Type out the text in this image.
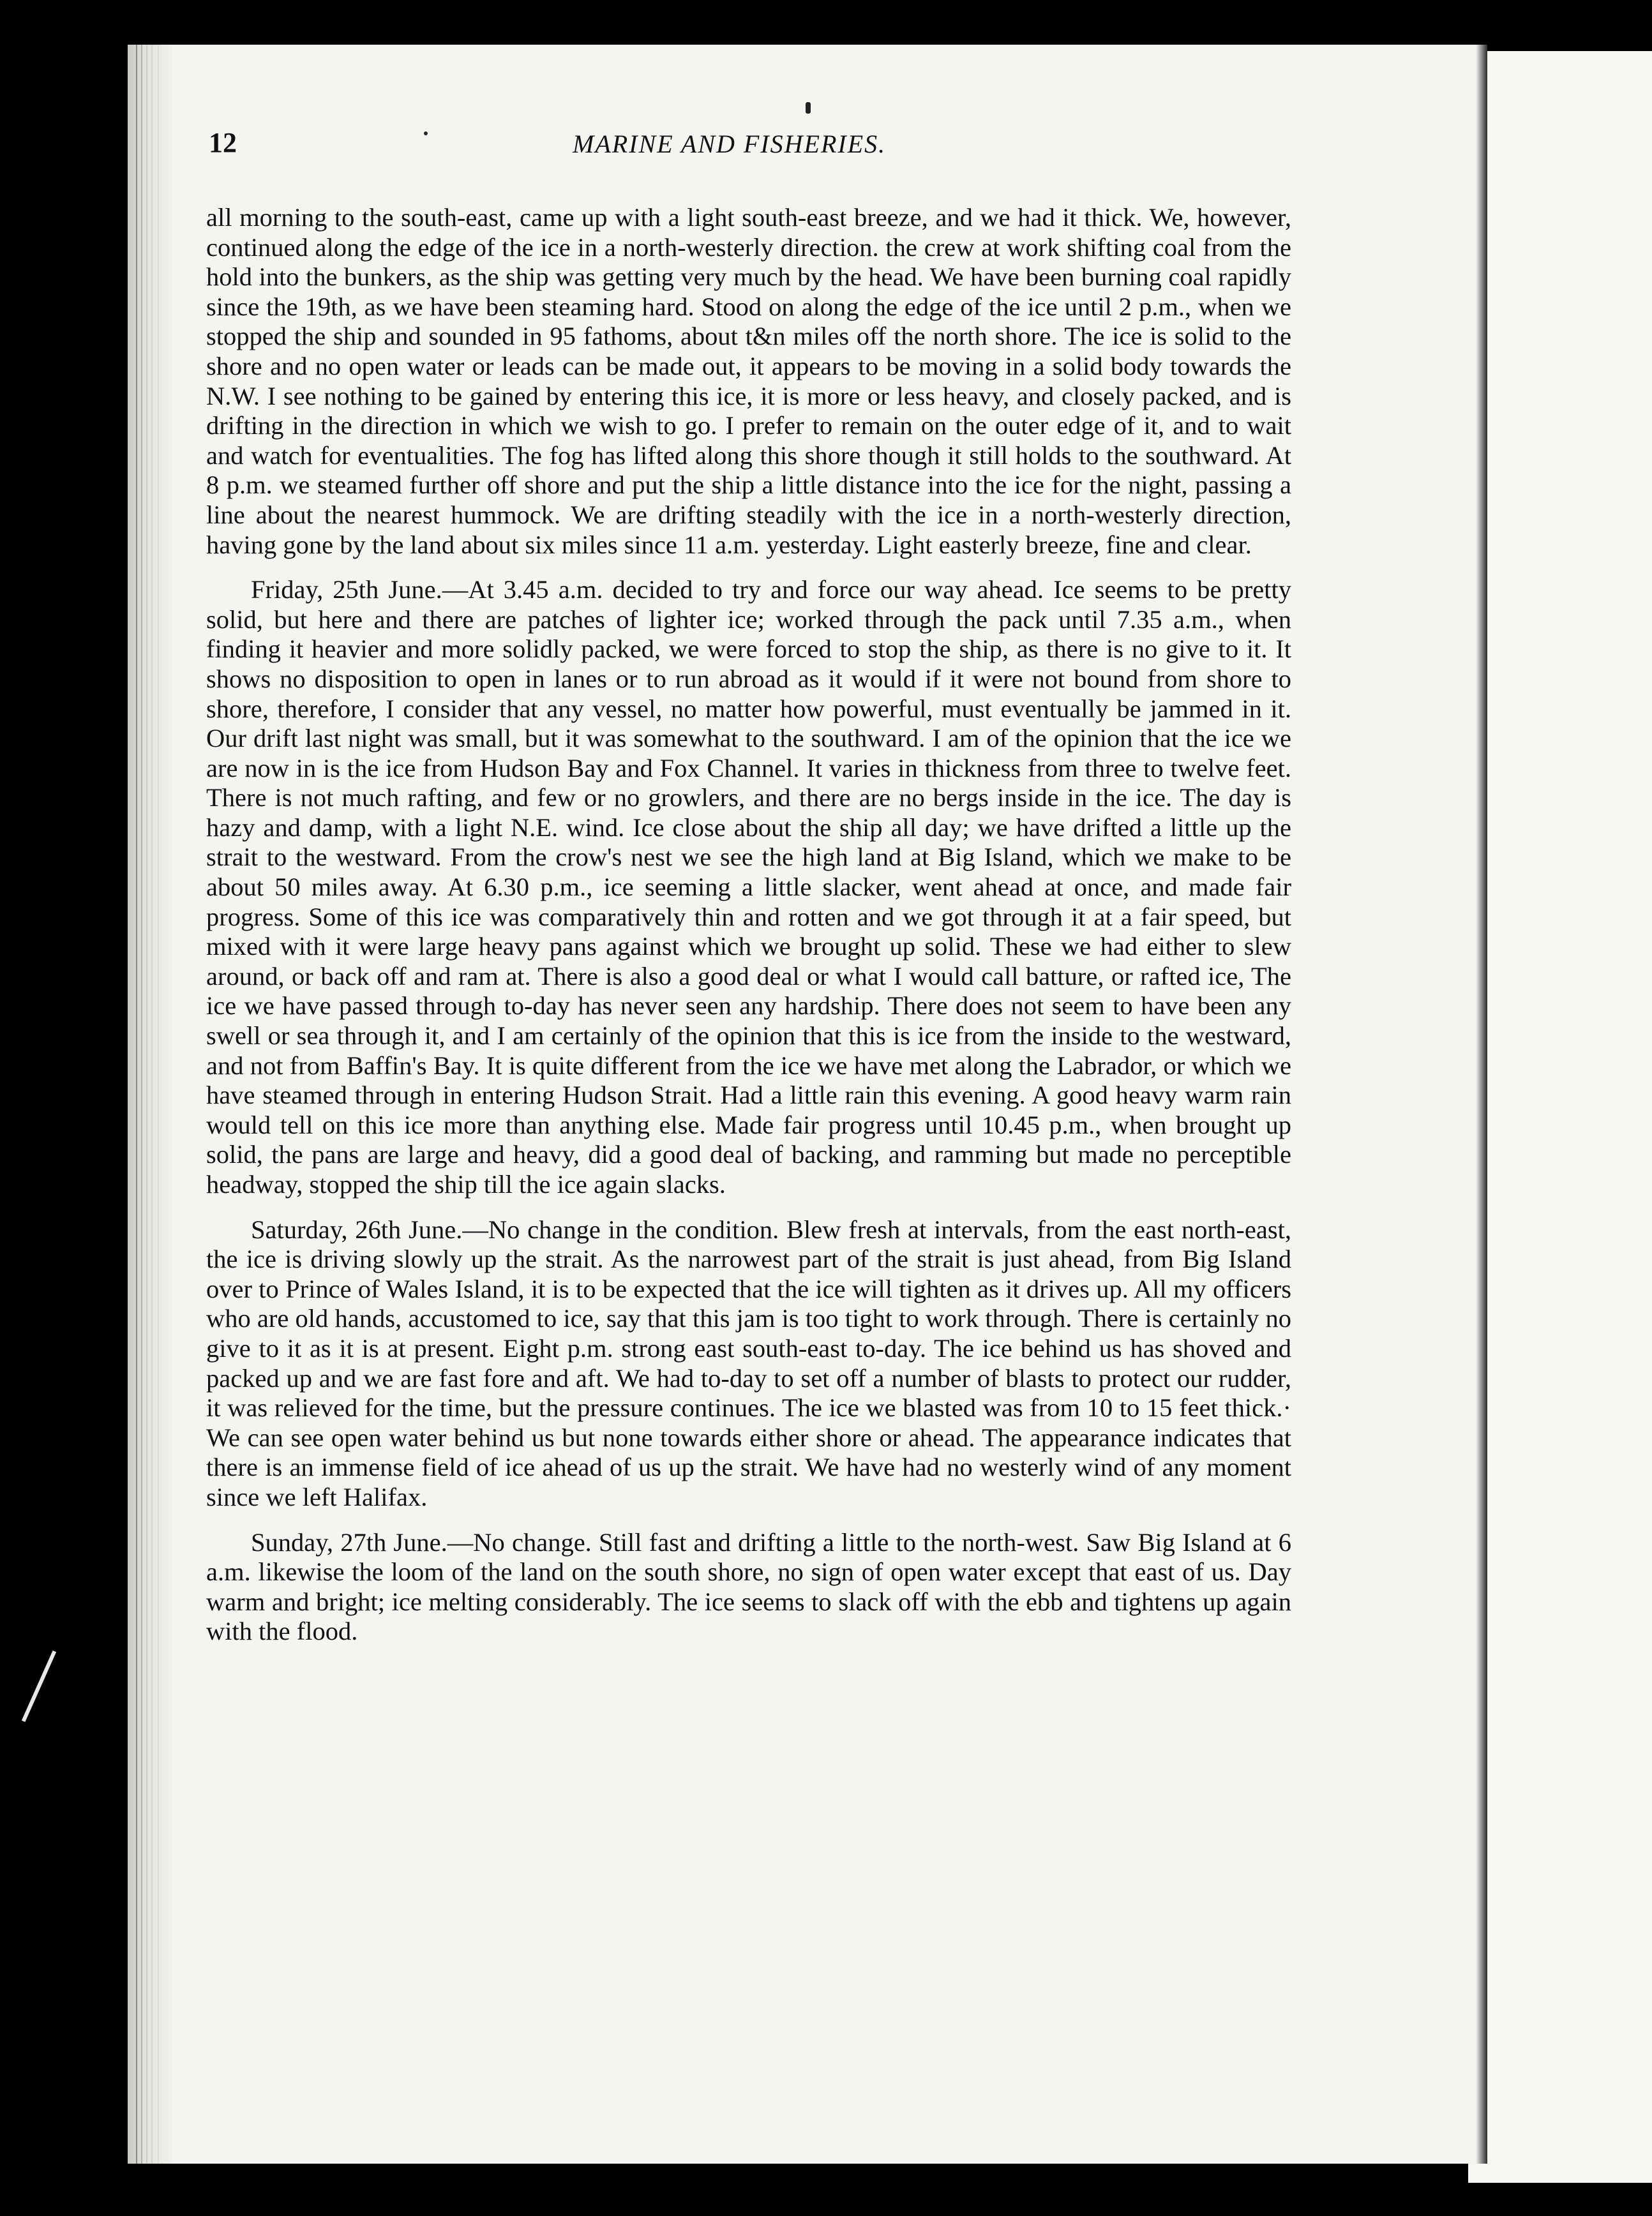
12	MARINE AND FISHERIES.

all morning to the south-east, came up with a light south-east breeze, and we had it thick. We, however, continued along the edge of the ice in a north-westerly direction. the crew at work shifting coal from the hold into the bunkers, as the ship was getting very much by the head. We have been burning coal rapidly since the 19th, as we have been steaming hard. Stood on along the edge of the ice until 2 p.m., when we stopped the ship and sounded in 95 fathoms, about t&n miles off the north shore. The ice is solid to the shore and no open water or leads can be made out, it appears to be moving in a solid body towards the N.W. I see nothing to be gained by entering this ice, it is more or less heavy, and closely packed, and is drifting in the direction in which we wish to go. I prefer to remain on the outer edge of it, and to wait and watch for eventualities. The fog has lifted along this shore though it still holds to the southward. At 8 p.m. we steamed further off shore and put the ship a little distance into the ice for the night, passing a line about the nearest hummock. We are drifting steadily with the ice in a north-westerly direction, having gone by the land about six miles since 11 a.m. yesterday. Light easterly breeze, fine and clear.

Friday, 25th June.—At 3.45 a.m. decided to try and force our way ahead. Ice seems to be pretty solid, but here and there are patches of lighter ice; worked through the pack until 7.35 a.m., when finding it heavier and more solidly packed, we were forced to stop the ship, as there is no give to it. It shows no disposition to open in lanes or to run abroad as it would if it were not bound from shore to shore, therefore, I consider that any vessel, no matter how powerful, must eventually be jammed in it. Our drift last night was small, but it was somewhat to the southward. I am of the opinion that the ice we are now in is the ice from Hudson Bay and Fox Channel. It varies in thickness from three to twelve feet. There is not much rafting, and few or no growlers, and there are no bergs inside in the ice. The day is hazy and damp, with a light N.E. wind. Ice close about the ship all day; we have drifted a little up the strait to the westward. From the crow's nest we see the high land at Big Island, which we make to be about 50 miles away. At 6.30 p.m., ice seeming a little slacker, went ahead at once, and made fair progress. Some of this ice was comparatively thin and rotten and we got through it at a fair speed, but mixed with it were large heavy pans against which we brought up solid. These we had either to slew around, or back off and ram at. There is also a good deal or what I would call batture, or rafted ice, The ice we have passed through to-day has never seen any hardship. There does not seem to have been any swell or sea through it, and I am certainly of the opinion that this is ice from the inside to the westward, and not from Baffin's Bay. It is quite different from the ice we have met along the Labrador, or which we have steamed through in entering Hudson Strait. Had a little rain this evening. A good heavy warm rain would tell on this ice more than anything else. Made fair progress until 10.45 p.m., when brought up solid, the pans are large and heavy, did a good deal of backing, and ramming but made no perceptible headway, stopped the ship till the ice again slacks.

Saturday, 26th June.—No change in the condition. Blew fresh at intervals, from the east north-east, the ice is driving slowly up the strait. As the narrowest part of the strait is just ahead, from Big Island over to Prince of Wales Island, it is to be expected that the ice will tighten as it drives up. All my officers who are old hands, accustomed to ice, say that this jam is too tight to work through. There is certainly no give to it as it is at present. Eight p.m. strong east south-east to-day. The ice behind us has shoved and packed up and we are fast fore and aft. We had to-day to set off a number of blasts to protect our rudder, it was relieved for the time, but the pressure continues. The ice we blasted was from 10 to 15 feet thick.· We can see open water behind us but none towards either shore or ahead. The appearance indicates that there is an immense field of ice ahead of us up the strait. We have had no westerly wind of any moment since we left Halifax.

Sunday, 27th June.—No change. Still fast and drifting a little to the north-west. Saw Big Island at 6 a.m. likewise the loom of the land on the south shore, no sign of open water except that east of us. Day warm and bright; ice melting considerably. The ice seems to slack off with the ebb and tightens up again with the flood.
